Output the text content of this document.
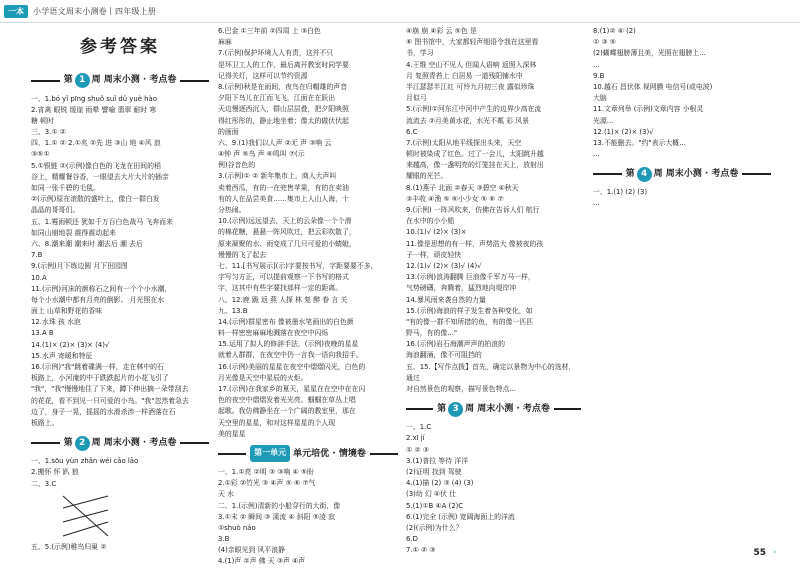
一本	小学语文周末小测卷丨四年级上册
参考答案
第 1 周 周末小测 · 考点卷

一、1.bó yǐ pīng shuǒ suǐ dǔ yuè hào

2.宵禽 眼锐 缓崖 雨晕 譬喻 翡翠 耐时 寒

糖 顿时

三、3.① ②

四、1.① ② 2.①兆 ②先 进 ③山 地 ④风 浪

③⑤①

5.①银链 ②(示例)像白色的飞龙在田间的稻

谷上，精耀餐谷香，一眼望去大片大片的插亲

如同一张千碧的毛毯。

②(示例)原在滚散的盛叶上，像白一群白发

晶晶的哥哥们。

五、1.霉雨顿还 犹如千万百白色战马 飞奔而来

如同山崩地裂 震得震动起来

六、8.潮来潮 潮来时 潮去后 潮 去后

7.B

9.(示例)月下练边圆 月下田园图

10.A

11.(示例)河床的颜称石之间有一个个小水潮，

每个小水潮中都有月亮的倒影。 月光照在水

面上 山草和野花的香味

12.水珠 孩 水泡

13.A B

14.(1)× (2)× (3)× (4)√

15.水声 寄暖和特征

16.(示例)"我"跳着碟满一样，走在林中的石

板路上，小河淹的中于跌跌起片的小花飞引了

"我"，"我"慢慢地住了下来，蹲下伸出摘一朵带刮去

的花花，看不到见一只可爱的小鸟。"我"忽然着急去

边了，身子一晃，摇摇的水滑杀涉一样酒落在石

板路上。

第 2 周 周末小测 · 考点卷

一、1.sōu yùn zhǎn wéi cǎo lāo

2.搬怀 怀 趴 狼

二、3.C

五、5.(示例)稚鸟归巢 ②

6.巴金 ①三年前 ②四周 上 ③白色

麻麻

7.(示例)保护环境人人有责，这并不只

是环卫工人的工作，最后离开教室时同学要

记得关灯，这样可以节约资源

8.(示例)秋是在雨间，夜鸟在归帽雄的声音

夕阳下鸟儿在江而飞飞，江面在在跃出

天边慢逐西沉入，群山层层叠，把夕阳映照

得红彤彤的，静止地坐着；像太的做伏伏起

的画面

六、9.(1)我们以人声 ②无 声 ③响 云

④钟 声 ⑤鸟 声 ⑥鸣叫 ⑦(示

例)谷音色的

3.(示例)① ② 新年集市上，商人大声叫

卖着西瓜，有的一在兜售苹果，有的在卖油

有的人在品尝美食……集市上人山人海，十

分热闹。

10.(示例)远远望去，天上的云朵像一个个滑

的棉花糖，悬悬一阵风吹过，把云彩吹散了，

原来凝聚的水、雨变成了几只可爱的小蜻蜓，

慢慢的飞了起去

七、11.[书写展示](示)字要按书写，字距要要不多，

字写匀方正，可以提前观察一下书写的格式

字，这其中有些字要找那样一定的距离。

八、12.鹿 跪 返 燕 人探 林 复 醉 眷 言 关

九、13.B

14.(示例)群星密布 像被墨水笔画出的白色颜

料一样密密麻麻地溅落在夜空中闪烁

15.运用了拟人的修辞手法，(示例)夜晚的星星

就着人群群，在夜空中仍一言我一语向我招手。

16.(示例)美丽的星星在夜空中熠熠闪光，白色的

月光像是天空中星辰的火炬。

17.(示例)在我家乡的夏天，星星在在空中在在闪

色的夜空中熠熠发着光光亮。蝈蝈在草丛上唱

起歌。我仿佛静坐在一个广阔的教室里，那在

天空里的星星，和对这样星星的个人现

美的星星

第一单元 单元培优 · 情境卷

一、1.①亮 ②明 ③ ③响 ④ ⑤盼

2.①彩 ②竹光 ③ ④声 ⑤ ⑥ ⑦气

天 水

二、1.(示例)清新的小船穿行的大街，像

3.①末 ② 瞬间 ③ 溪流 ④ 斜阳 ⑤凌 寂

①shuò náo

3.B

(4)亲眼见到 风平浪静

4.(1)声 ②声 佛 天 ③声 ④声

④崩 崩 ④彩 云 ⑤色 是

⑥ 图书馆中，大家都轻声细语令我在这里看

书，学习

4.王维 空山不见人 但闻人语响 返照入深林

月 复照青苔上 白居易 一道残阳铺水中

半江瑟瑟半江红 可怜九月初三夜 露似珍珠

月似弓

5.(示例)①河东江中河中产生的边界少高在流

流流去 ②月美黄水花，水光不粼 彩 风景

6.C

7.(示例)太阳从地平线探出头来，天空

顿时被染成了红色。过了一会儿，太阳跳升越

来越高，像一盏明亮的灯笼挂在天上，放射出

耀眼的光芒。

8.(1)燕子 北面 ②春天 ③碧空 ④秋天

③丰收 ④渔 ⑤ ⑥小少女 ⑤ ⑥ ⑦

9.(示例) 一阵风吹来，仿佛在告诉人们 航行

在水中的小小船

10.(1)√ (2)× (3)×

11.像是思想的有一样，声势浩大 像被夜的孩

子一样，顽皮轻快

12.(1)√ (2)× (3)√ (4)√

13.(示例)浪涛翻腾 巨浪像千军万马一样，

气势磅礴，奔腾着，猛烈地向堤岸冲

14.暴风雨来袭自然的力量

15.(示例)海浪的样子发生着各种变化，如

"有的像一群不知所措的鱼，有的像一匹匹

野马，有的像..."

16.(示例)岩石海潮声声的拍浪的

海浪翻涌，像不可阻挡的

五、15.【写作点拨】首先，确定以景物为中心的选材，通过

对自然景色的观察，描写景色特点...

第 3 周 周末小测 · 考点卷

一、1.C

2.xī jí

① ② ③

3.(1)普拉 等待 洋洋

(2)证明 找到 驾驶

4.(1)描 (2) ③ (4) (3)

(3)幼 幻 ④伏 仕

5.(1)①B ④A (2)C

6.(1)完全 (示例) 宽阔海面上的洋流

(2)(示例)为什么？

6.D

7.① ② ③

8.(1)② ④ (2)

① ③ ⑤

(2)蝴蝶翅膀薄且美，光照在翅膀上...

...

9.B

10.越石 昌伏体 视网膜 电信号(或电波)

大脑

11.文章列举 (示例)文章内容 小根灵

光源...

12.(1)× (2)× (3)√

13.不能删去。"约"表示大概...

...

第 4 周 周末小测 · 考点卷

一、1.(1) (2) (3)

...

55 ›
